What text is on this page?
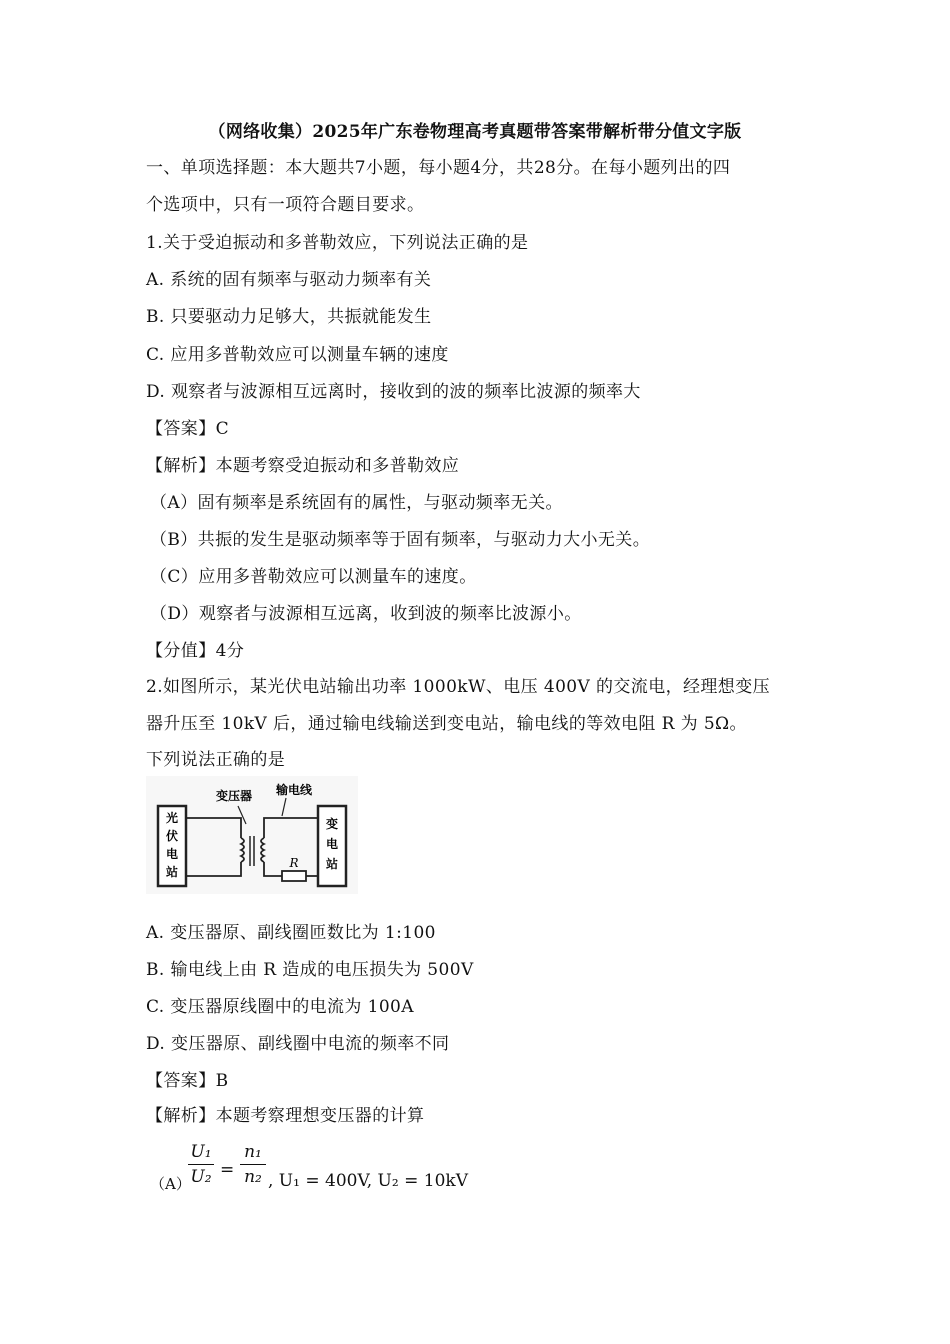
（网络收集）2025年广东卷物理高考真题带答案带解析带分值文字版
一、单项选择题：本大题共7小题，每小题4分，共28分。在每小题列出的四
个选项中，只有一项符合题目要求。
1.关于受迫振动和多普勒效应，下列说法正确的是
A. 系统的固有频率与驱动力频率有关
B. 只要驱动力足够大，共振就能发生
C. 应用多普勒效应可以测量车辆的速度
D. 观察者与波源相互远离时，接收到的波的频率比波源的频率大
【答案】C
【解析】本题考察受迫振动和多普勒效应
（A）固有频率是系统固有的属性，与驱动频率无关。
（B）共振的发生是驱动频率等于固有频率，与驱动力大小无关。
（C）应用多普勒效应可以测量车的速度。
（D）观察者与波源相互远离，收到波的频率比波源小。
【分值】4分
2.如图所示，某光伏电站输出功率 1000kW、电压 400V 的交流电，经理想变压
器升压至 10kV 后，通过输电线输送到变电站，输电线的等效电阻 R 为 5Ω。
下列说法正确的是
光
伏
电
站
变
电
站
R
变压器 输电线
A. 变压器原、副线圈匝数比为 1:100
B. 输电线上由 R 造成的电压损失为 500V
C. 变压器原线圈中的电流为 100A
D. 变压器原、副线圈中电流的频率不同
【答案】B
【解析】本题考察理想变压器的计算
（A）
U₁
U₂ =
n₁
n₂ , U₁ = 400V, U₂ = 10kV
